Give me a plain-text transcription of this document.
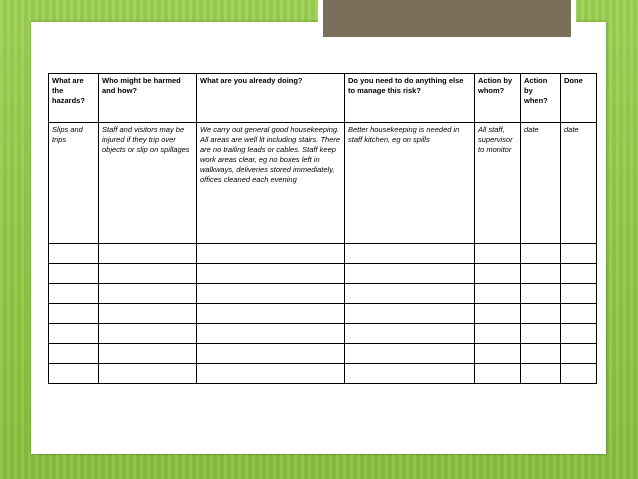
What are the hazards?	Who might be harmed and how?	What are you already doing?	Do you need to do anything else to manage this risk?	Action by whom?	Action by when?	Done
Slips and trips	Staff and visitors may be injured if they trip over objects or slip on spillages	We carry out general good housekeeping. All areas are well lit including stairs. There are no trailing leads or cables. Staff keep work areas clear, eg no boxes left in walkways, deliveries stored immediately, offices cleaned each evening	Better housekeeping is needed in staff kitchen, eg on spills	All staff, supervisor to monitor	date	date
